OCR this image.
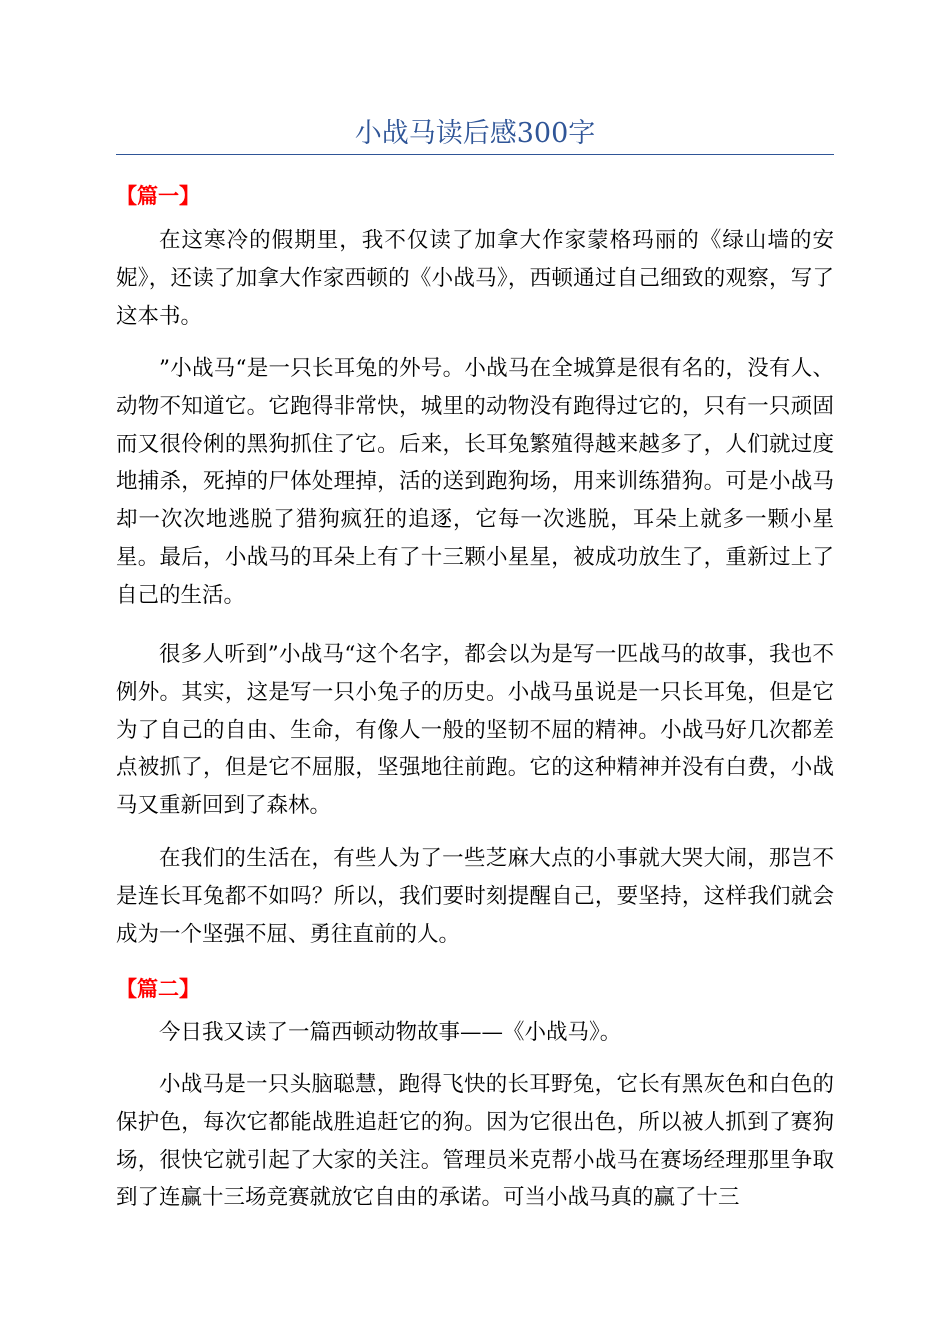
小战马读后感300字
【篇一】

在这寒冷的假期里，我不仅读了加拿大作家蒙格玛丽的《绿山墙的安妮》，还读了加拿大作家西顿的《小战马》，西顿通过自己细致的观察，写了这本书。

”小战马“是一只长耳兔的外号。小战马在全城算是很有名的，没有人、动物不知道它。它跑得非常快，城里的动物没有跑得过它的，只有一只顽固而又很伶俐的黑狗抓住了它。后来，长耳兔繁殖得越来越多了，人们就过度地捕杀，死掉的尸体处理掉，活的送到跑狗场，用来训练猎狗。可是小战马却一次次地逃脱了猎狗疯狂的追逐，它每一次逃脱，耳朵上就多一颗小星星。最后，小战马的耳朵上有了十三颗小星星，被成功放生了，重新过上了自己的生活。

很多人听到”小战马“这个名字，都会以为是写一匹战马的故事，我也不例外。其实，这是写一只小兔子的历史。小战马虽说是一只长耳兔，但是它为了自己的自由、生命，有像人一般的坚韧不屈的精神。小战马好几次都差点被抓了，但是它不屈服，坚强地往前跑。它的这种精神并没有白费，小战马又重新回到了森林。

在我们的生活在，有些人为了一些芝麻大点的小事就大哭大闹，那岂不是连长耳兔都不如吗？所以，我们要时刻提醒自己，要坚持，这样我们就会成为一个坚强不屈、勇往直前的人。

【篇二】

今日我又读了一篇西顿动物故事——《小战马》。

小战马是一只头脑聪慧，跑得飞快的长耳野兔，它长有黑灰色和白色的保护色，每次它都能战胜追赶它的狗。因为它很出色，所以被人抓到了赛狗场，很快它就引起了大家的关注。管理员米克帮小战马在赛场经理那里争取到了连赢十三场竞赛就放它自由的承诺。可当小战马真的赢了十三
